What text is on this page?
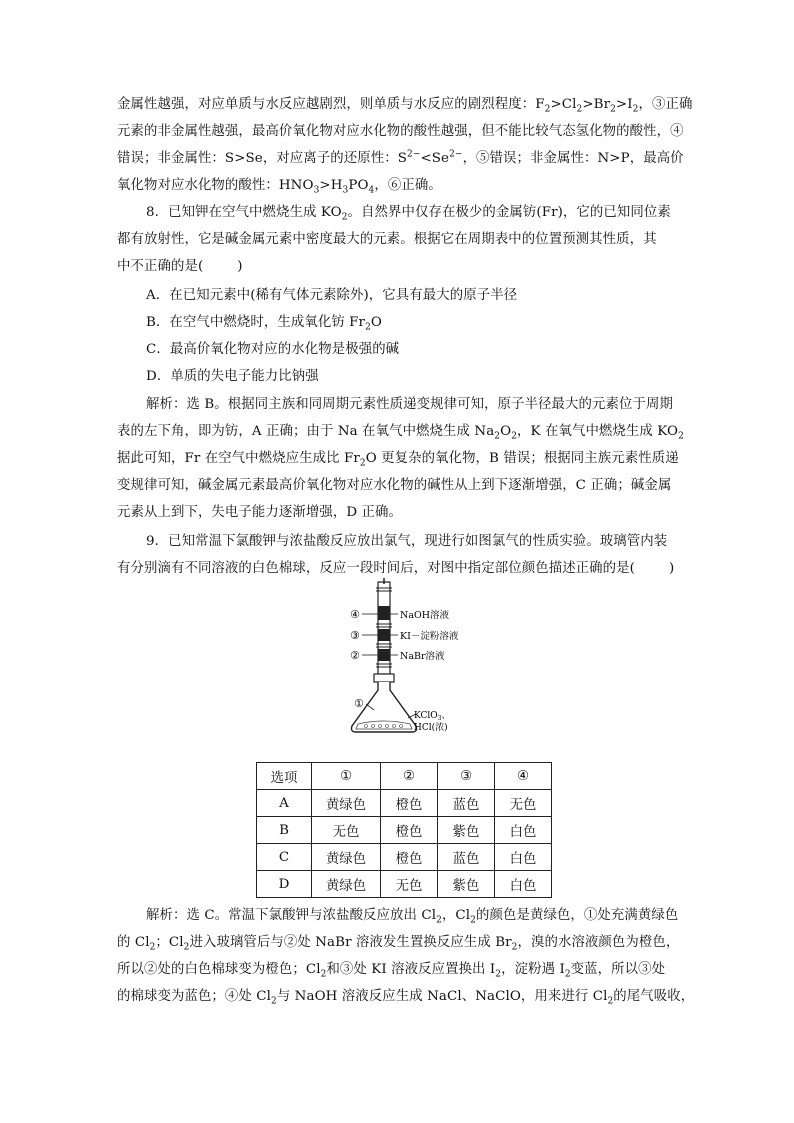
金属性越强，对应单质与水反应越剧烈，则单质与水反应的剧烈程度：$F_2>Cl_2>Br_2>I_2$，③正确
元素的非金属性越强，最高价氧化物对应水化物的酸性越强，但不能比较气态氢化物的酸性，④
错误；非金属性：S>Se，对应离子的还原性：$S^{2-}<Se^{2-}$，⑤错误；非金属性：N>P，最高价
氧化物对应水化物的酸性：$HNO_3>H_3PO_4$，⑥正确。
8．已知钾在空气中燃烧生成 $KO_2$。自然界中仅存在极少的金属钫(Fr)，它的已知同位素
都有放射性，它是碱金属元素中密度最大的元素。根据它在周期表中的位置预测其性质，其
中不正确的是(	)
A．在已知元素中(稀有气体元素除外)，它具有最大的原子半径
B．在空气中燃烧时，生成氧化钫 $Fr_2O$
C．最高价氧化物对应的水化物是极强的碱
D．单质的失电子能力比钠强
解析：选 B。根据同主族和同周期元素性质递变规律可知，原子半径最大的元素位于周期
表的左下角，即为钫，A 正确；由于 Na 在氧气中燃烧生成 $Na_2O_2$，K 在氧气中燃烧生成 $KO_2$
据此可知，Fr 在空气中燃烧应生成比 $Fr_2O$ 更复杂的氧化物，B 错误；根据同主族元素性质递
变规律可知，碱金属元素最高价氧化物对应水化物的碱性从上到下逐渐增强，C 正确；碱金属
元素从上到下，失电子能力逐渐增强，D 正确。
9．已知常温下氯酸钾与浓盐酸反应放出氯气，现进行如图氯气的性质实验。玻璃管内装
有分别滴有不同溶液的白色棉球，反应一段时间后，对图中指定部位颜色描述正确的是(	)
④
③
②
①
NaOH溶液
KI－淀粉溶液
NaBr溶液
KClO$_3$、
HCl(浓)
选项	①	②	③	④
A	黄绿色	橙色	蓝色	无色
B	无色	橙色	紫色	白色
C	黄绿色	橙色	蓝色	白色
D	黄绿色	无色	紫色	白色
解析：选 C。常温下氯酸钾与浓盐酸反应放出 $Cl_2$，$Cl_2$的颜色是黄绿色，①处充满黄绿色
的 $Cl_2$；$Cl_2$进入玻璃管后与②处 NaBr 溶液发生置换反应生成 $Br_2$，溴的水溶液颜色为橙色，
所以②处的白色棉球变为橙色；$Cl_2$和③处 KI 溶液反应置换出 $I_2$，淀粉遇 $I_2$变蓝，所以③处
的棉球变为蓝色；④处 $Cl_2$与 NaOH 溶液反应生成 NaCl、NaClO，用来进行 $Cl_2$的尾气吸收，
